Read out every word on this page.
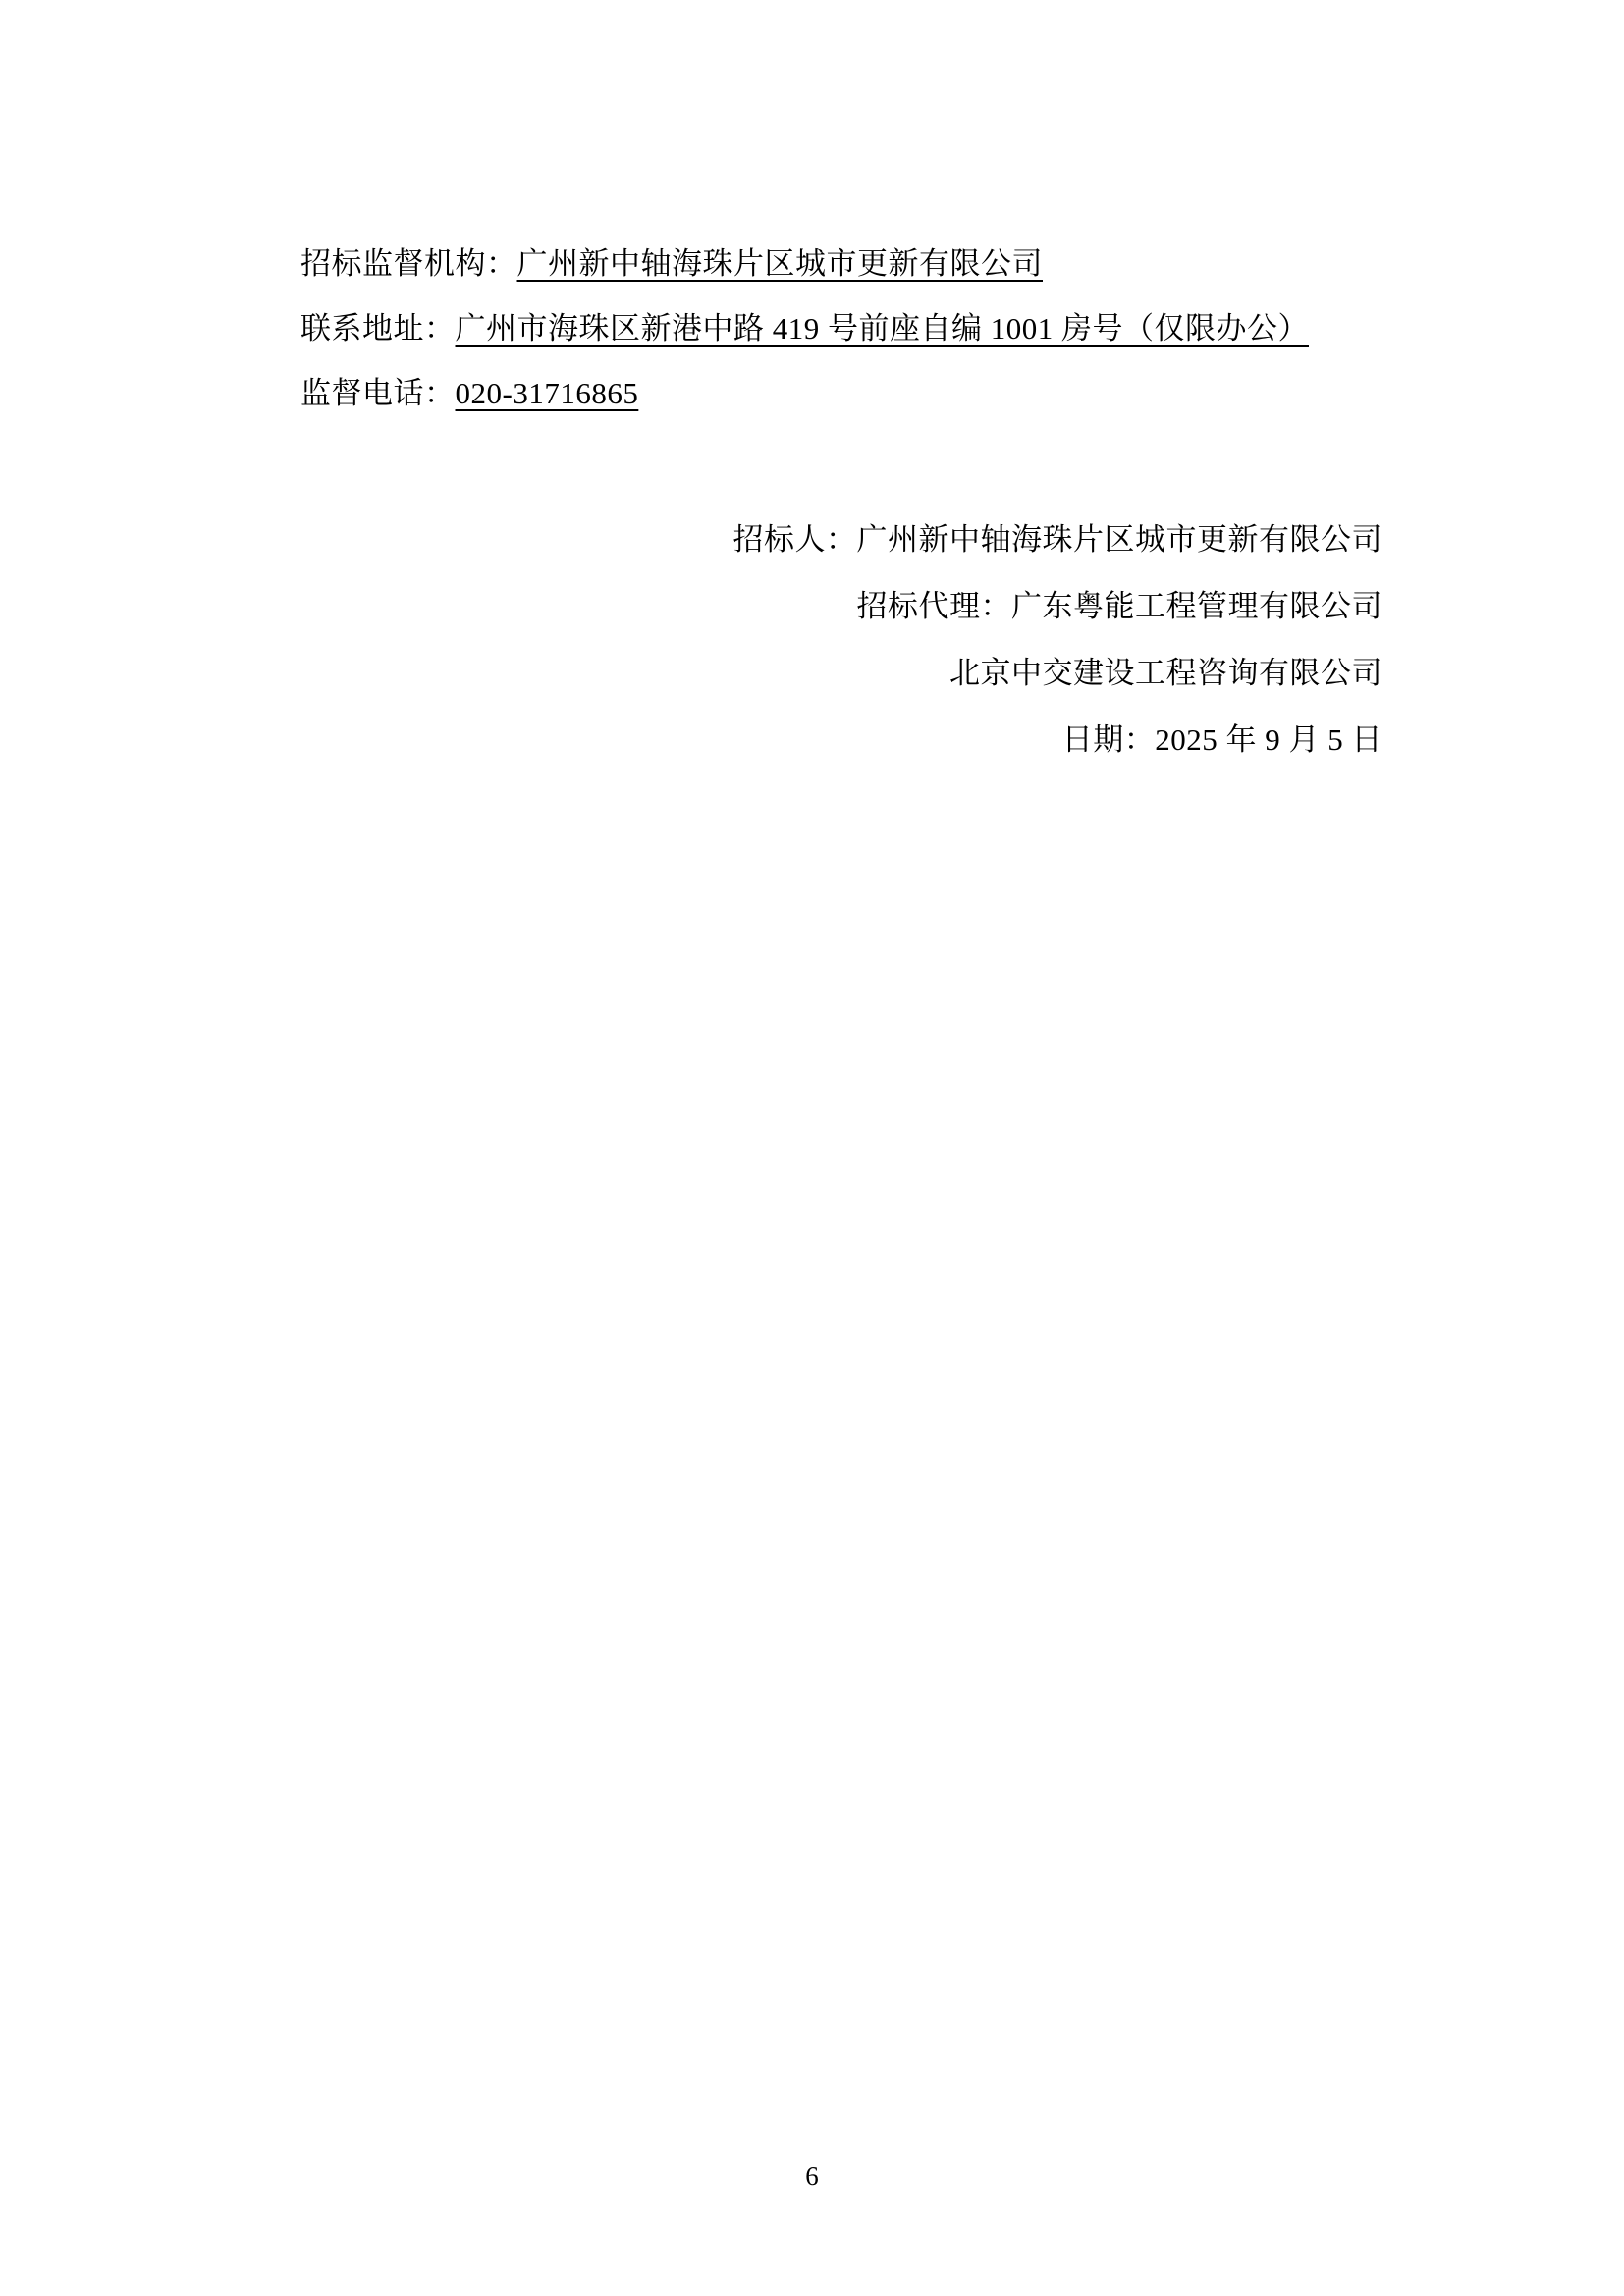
招标监督机构：广州新中轴海珠片区城市更新有限公司
联系地址：广州市海珠区新港中路 419 号前座自编 1001 房号（仅限办公）
监督电话：020-31716865
招标人：广州新中轴海珠片区城市更新有限公司
招标代理：广东粤能工程管理有限公司
北京中交建设工程咨询有限公司
日期：2025 年 9 月 5 日
6
